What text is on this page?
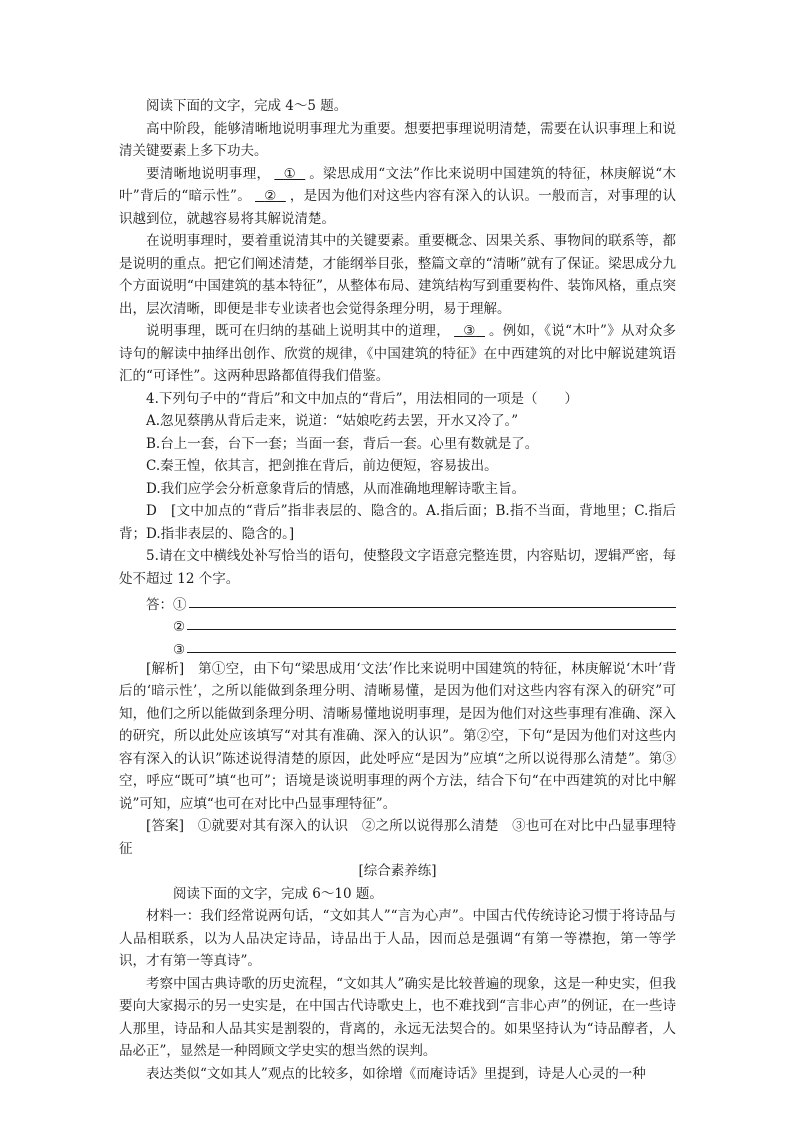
阅读下面的文字，完成 4～5 题。

高中阶段，能够清晰地说明事理尤为重要。想要把事理说明清楚，需要在认识事理上和说清关键要素上多下功夫。

要清晰地说明事理， ① 。梁思成用“文法”作比来说明中国建筑的特征，林庚解说“木叶”背后的“暗示性”。 ② ，是因为他们对这些内容有深入的认识。一般而言，对事理的认识越到位，就越容易将其解说清楚。

在说明事理时，要着重说清其中的关键要素。重要概念、因果关系、事物间的联系等，都是说明的重点。把它们阐述清楚，才能纲举目张，整篇文章的“清晰”就有了保证。梁思成分九个方面说明“中国建筑的基本特征”，从整体布局、建筑结构写到重要构件、装饰风格，重点突出，层次清晰，即便是非专业读者也会觉得条理分明，易于理解。

说明事理，既可在归纳的基础上说明其中的道理， ③ 。例如，《说“木叶”》从对众多诗句的解读中抽绎出创作、欣赏的规律，《中国建筑的特征》在中西建筑的对比中解说建筑语汇的“可译性”。这两种思路都值得我们借鉴。

4.下列句子中的“背后”和文中加点的“背后”，用法相同的一项是（　　）

A.忽见蔡鹃从背后走来，说道：“姑娘吃药去罢，开水又冷了。”

B.台上一套，台下一套；当面一套，背后一套。心里有数就是了。

C.秦王惶，依其言，把剑推在背后，前边便短，容易拔出。

D.我们应学会分析意象背后的情感，从而准确地理解诗歌主旨。

D　[文中加点的“背后”指非表层的、隐含的。A.指后面；B.指不当面，背地里；C.指后背；D.指非表层的、隐含的。]

5.请在文中横线处补写恰当的语句，使整段文字语意完整连贯，内容贴切，逻辑严密，每处不超过 12 个字。

答：①
②
③

[解析]　 第①空，由下句“梁思成用‘文法’作比来说明中国建筑的特征，林庚解说‘木叶’背后的‘暗示性’，之所以能做到条理分明、清晰易懂，是因为他们对这些内容有深入的研究”可知，他们之所以能做到条理分明、清晰易懂地说明事理，是因为他们对这些事理有准确、深入的研究，所以此处应该填写“对其有准确、深入的认识”。第②空，下句“是因为他们对这些内容有深入的认识”陈述说得清楚的原因，此处呼应“是因为”应填“之所以说得那么清楚”。第③空，呼应“既可”填“也可”；语境是谈说明事理的两个方法，结合下句“在中西建筑的对比中解说”可知，应填“也可在对比中凸显事理特征”。

[答案]　 ①就要对其有深入的认识　②之所以说得那么清楚　③也可在对比中凸显事理特征

[综合素养练]

阅读下面的文字，完成 6～10 题。

材料一：我们经常说两句话，“文如其人”“言为心声”。中国古代传统诗论习惯于将诗品与人品相联系，以为人品决定诗品，诗品出于人品，因而总是强调“有第一等襟抱，第一等学识，才有第一等真诗”。

考察中国古典诗歌的历史流程，“文如其人”确实是比较普遍的现象，这是一种史实，但我要向大家揭示的另一史实是，在中国古代诗歌史上，也不难找到“言非心声”的例证，在一些诗人那里，诗品和人品其实是割裂的，背离的，永远无法契合的。如果坚持认为“诗品醇者，人品必正”，显然是一种罔顾文学史实的想当然的误判。

表达类似“文如其人”观点的比较多，如徐增《而庵诗话》里提到，诗是人心灵的一种
